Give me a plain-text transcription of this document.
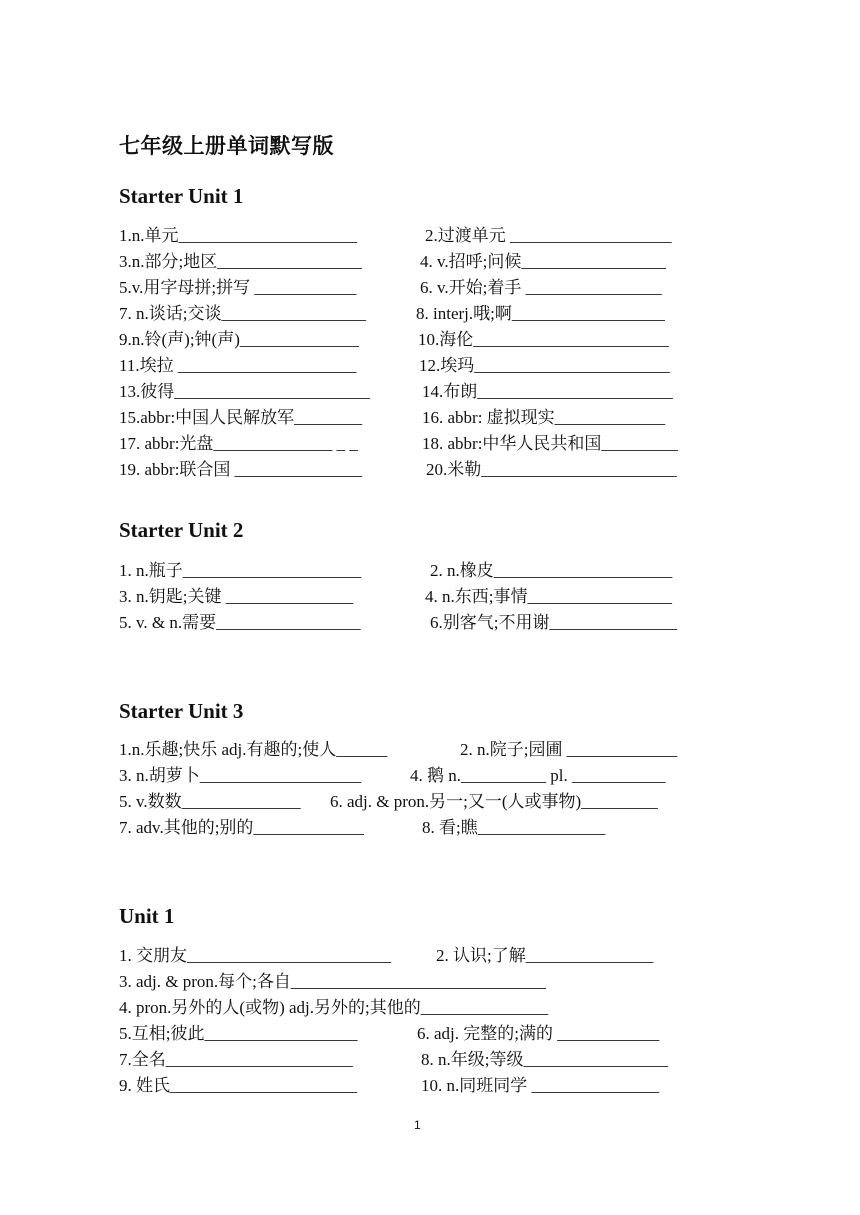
七年级上册单词默写版
Starter Unit 1
1.n.单元_____________________	2.过渡单元 ___________________
3.n.部分;地区_________________	4. v.招呼;问候_________________
5.v.用字母拼;拼写 ____________	6. v.开始;着手 ________________
7. n.谈话;交谈_________________	8. interj.哦;啊__________________
9.n.铃(声);钟(声)______________	10.海伦_______________________
11.埃拉 _____________________	12.埃玛_______________________
13.彼得_______________________	14.布朗_______________________
15.abbr:中国人民解放军________	16. abbr: 虚拟现实_____________
17. abbr:光盘______________ _ _	18. abbr:中华人民共和国_________
19. abbr:联合国 _______________	20.米勒_______________________
Starter Unit 2
1. n.瓶子_____________________	2. n.橡皮_____________________
3. n.钥匙;关键 _______________	4. n.东西;事情_________________
5. v. & n.需要_________________	6.别客气;不用谢_______________
Starter Unit 3
1.n.乐趣;快乐 adj.有趣的;使人______	2. n.院子;园圃 _____________
3. n.胡萝卜___________________	4. 鹅 n.__________ pl. ___________
5. v.数数______________ 6. adj. & pron.另一;又一(人或事物)_________
7. adv.其他的;别的_____________	8. 看;瞧_______________
Unit 1
1. 交朋友________________________	2. 认识;了解_______________
3. adj. & pron.每个;各自______________________________
4. pron.另外的人(或物) adj.另外的;其他的_______________
5.互相;彼此__________________	6. adj. 完整的;满的 ____________
7.全名______________________	8. n.年级;等级_________________
9. 姓氏______________________	10. n.同班同学 _______________
1
